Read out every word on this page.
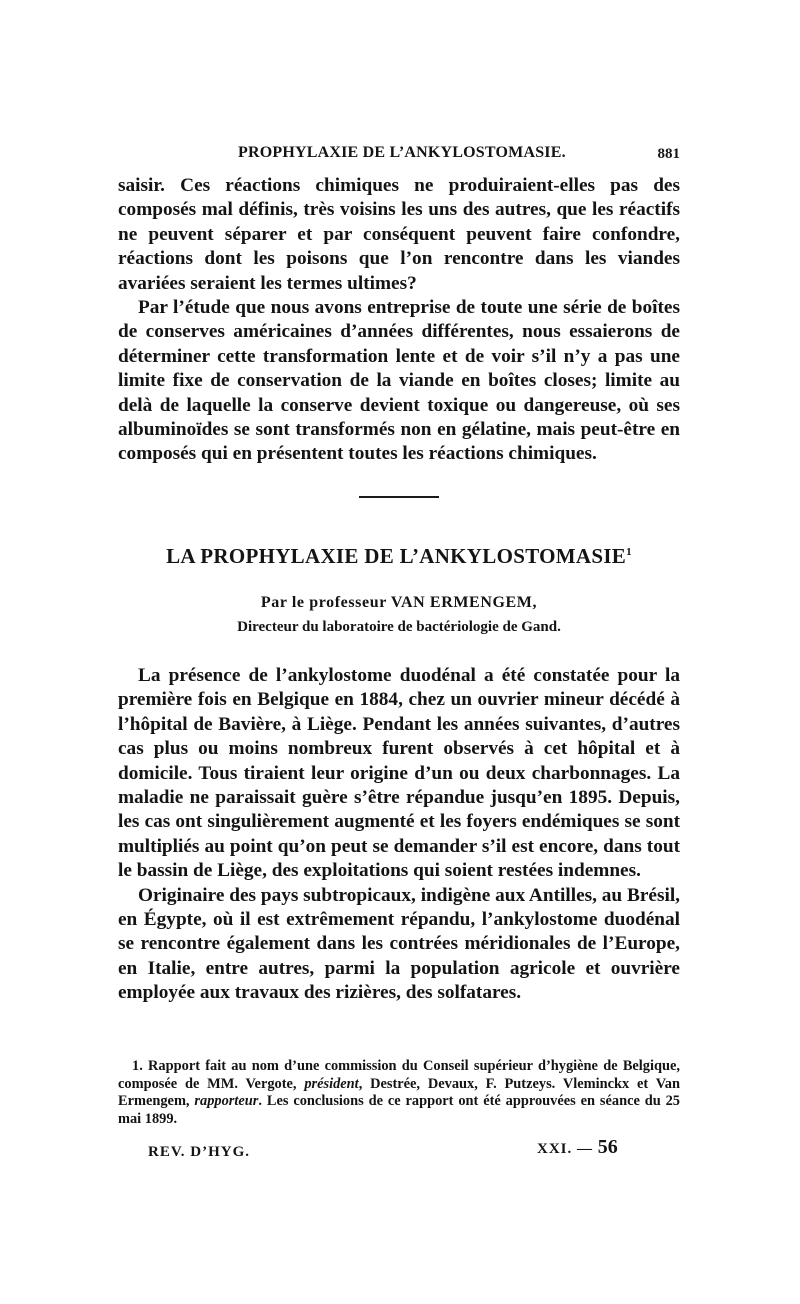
PROPHYLAXIE DE L’ANKYLOSTOMASIE.	881

saisir. Ces réactions chimiques ne produiraient-elles pas des composés mal définis, très voisins les uns des autres, que les réactifs ne peuvent séparer et par conséquent peuvent faire confondre, réactions dont les poisons que l’on rencontre dans les viandes avariées seraient les termes ultimes?

Par l’étude que nous avons entreprise de toute une série de boîtes de conserves américaines d’années différentes, nous essaierons de déterminer cette transformation lente et de voir s’il n’y a pas une limite fixe de conservation de la viande en boîtes closes; limite au delà de laquelle la conserve devient toxique ou dangereuse, où ses albuminoïdes se sont transformés non en gélatine, mais peut-être en composés qui en présentent toutes les réactions chimiques.

LA PROPHYLAXIE DE L’ANKYLOSTOMASIE$^1$
Par le professeur VAN ERMENGEM,
Directeur du laboratoire de bactériologie de Gand.

La présence de l’ankylostome duodénal a été constatée pour la première fois en Belgique en 1884, chez un ouvrier mineur décédé à l’hôpital de Bavière, à Liège. Pendant les années suivantes, d’autres cas plus ou moins nombreux furent observés à cet hôpital et à domicile. Tous tiraient leur origine d’un ou deux charbonnages. La maladie ne paraissait guère s’être répandue jusqu’en 1895. Depuis, les cas ont singulièrement augmenté et les foyers endémiques se sont multipliés au point qu’on peut se demander s’il est encore, dans tout le bassin de Liège, des exploitations qui soient restées indemnes.

Originaire des pays subtropicaux, indigène aux Antilles, au Brésil, en Égypte, où il est extrêmement répandu, l’ankylostome duodénal se rencontre également dans les contrées méridionales de l’Europe, en Italie, entre autres, parmi la population agricole et ouvrière employée aux travaux des rizières, des solfatares.

1. Rapport fait au nom d’une commission du Conseil supérieur d’hygiène de Belgique, composée de MM. Vergote, président, Destrée, Devaux, F. Putzeys. Vleminckx et Van Ermengem, rapporteur. Les conclusions de ce rapport ont été approuvées en séance du 25 mai 1899.

REV. D’HYG.	XXI. — 56
